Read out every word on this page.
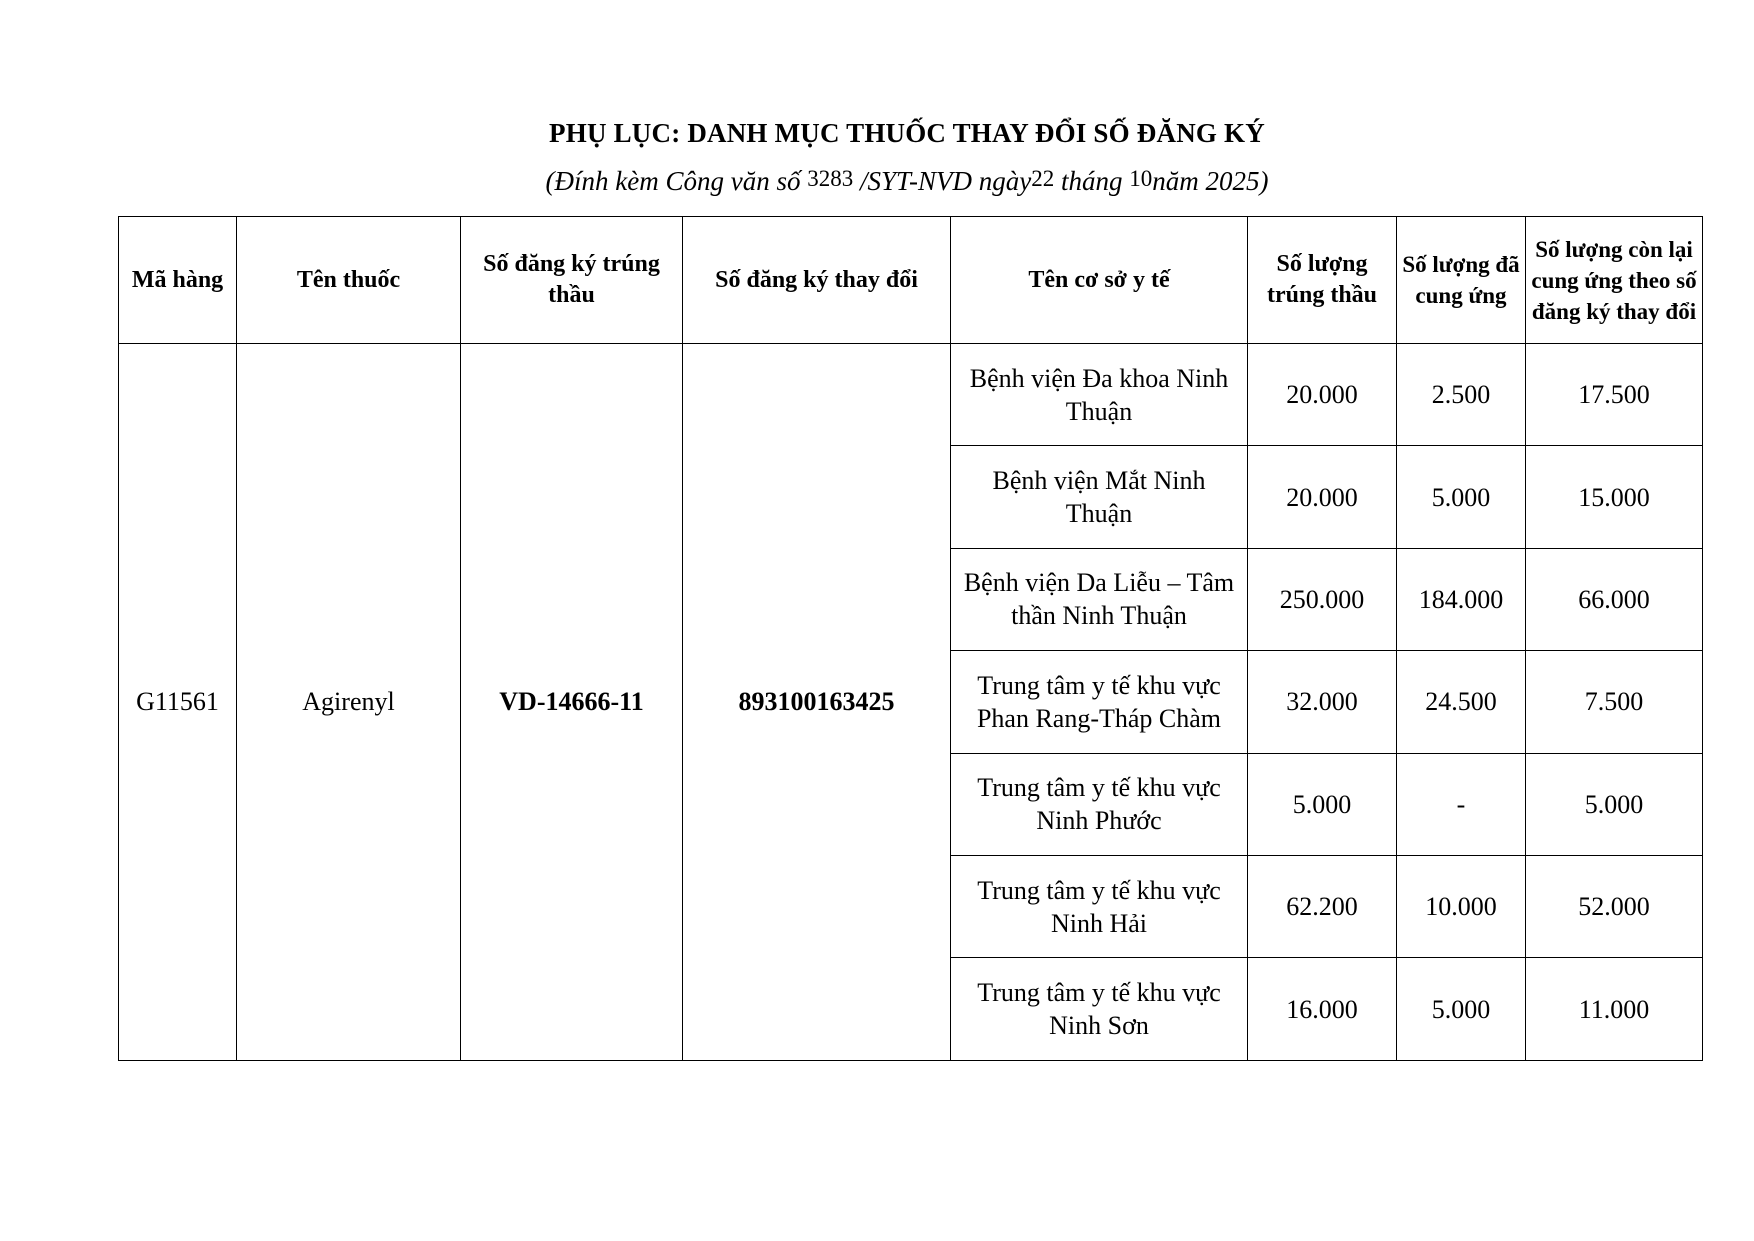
PHỤ LỤC: DANH MỤC THUỐC THAY ĐỔI SỐ ĐĂNG KÝ
(Đính kèm Công văn số 3283 /SYT-NVD ngày22 tháng 10năm 2025)
Mã hàng	Tên thuốc	Số đăng ký trúng thầu	Số đăng ký thay đổi	Tên cơ sở y tế	Số lượng trúng thầu	Số lượng đã cung ứng	Số lượng còn lại cung ứng theo số đăng ký thay đổi
G11561	Agirenyl	VD-14666-11	893100163425	Bệnh viện Đa khoa Ninh Thuận	20.000	2.500	17.500
				Bệnh viện Mắt Ninh Thuận	20.000	5.000	15.000
				Bệnh viện Da Liễu – Tâm thần Ninh Thuận	250.000	184.000	66.000
				Trung tâm y tế khu vực Phan Rang-Tháp Chàm	32.000	24.500	7.500
				Trung tâm y tế khu vực Ninh Phước	5.000	-	5.000
				Trung tâm y tế khu vực Ninh Hải	62.200	10.000	52.000
				Trung tâm y tế khu vực Ninh Sơn	16.000	5.000	11.000
